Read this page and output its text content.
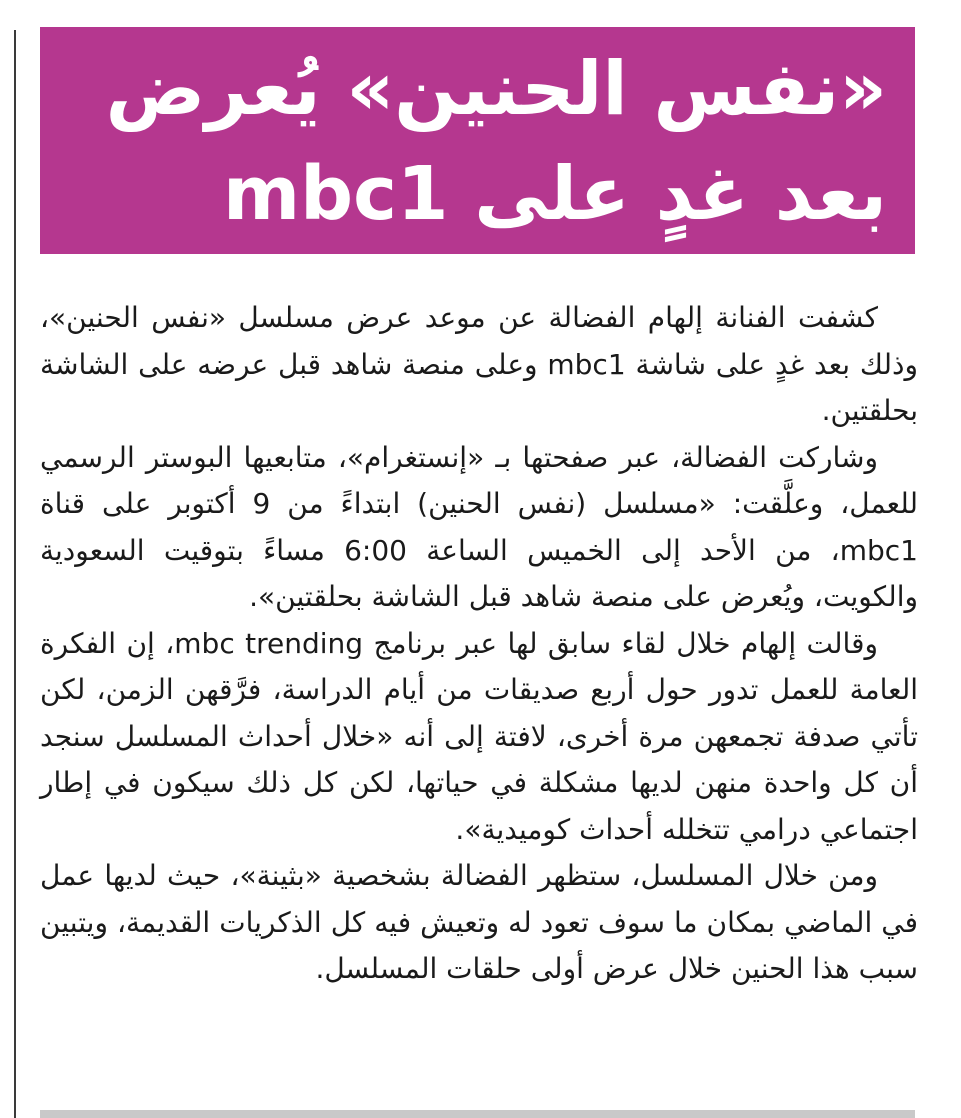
«نفس الحنين» يُعرض
بعد غدٍ على mbc1

كشفت الفنانة إلهام الفضالة عن موعد عرض مسلسل «نفس الحنين»، وذلك بعد غدٍ على شاشة mbc1 وعلى منصة شاهد قبل عرضه على الشاشة بحلقتين.

وشاركت الفضالة، عبر صفحتها بـ «إنستغرام»، متابعيها البوستر الرسمي للعمل، وعلَّقت: «مسلسل (نفس الحنين) ابتداءً من 9 أكتوبر على قناة mbc1، من الأحد إلى الخميس الساعة 6:00 مساءً بتوقيت السعودية والكويت، ويُعرض على منصة شاهد قبل الشاشة بحلقتين».

وقالت إلهام خلال لقاء سابق لها عبر برنامج mbc trending، إن الفكرة العامة للعمل تدور حول أربع صديقات من أيام الدراسة، فرَّقهن الزمن، لكن تأتي صدفة تجمعهن مرة أخرى، لافتة إلى أنه «خلال أحداث المسلسل سنجد أن كل واحدة منهن لديها مشكلة في حياتها، لكن كل ذلك سيكون في إطار اجتماعي درامي تتخلله أحداث كوميدية».

ومن خلال المسلسل، ستظهر الفضالة بشخصية «بثينة»، حيث لديها عمل في الماضي بمكان ما سوف تعود له وتعيش فيه كل الذكريات القديمة، ويتبين سبب هذا الحنين خلال عرض أولى حلقات المسلسل.
